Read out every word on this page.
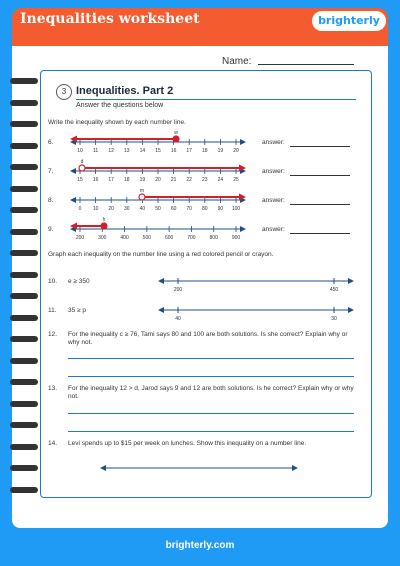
Inequalities worksheet	brighterly
Name:
3 Inequalities. Part 2
Answer the questions below
Write the inequality shown by each number line.
6.
10 11 12 13 14 15 16 17 18 19 20
w
answer:
7.
15 16 17 18 19 20 21 22 23 24 25
d
answer:
8.
0 10 20 30 40 50 60 70 80 90 100
m
answer:
9.
200	300	400	500	600	700	800	900
h
answer:
Graph each inequality on the number line using a red colored pencil or crayon.
10. e ≥ 350
200	450
11. 35 ≥ p
40	30
12. For the inequality c ≥ 76, Tami says 80 and 100 are both solutions. Is she correct? Explain why or why not.
13. For the inequality 12 > d, Jarod says 9 and 12 are both solutions. Is he correct? Explain why or why not.
14. Levi spends up to $15 per week on lunches. Show this inequality on a number line.
brighterly.com
